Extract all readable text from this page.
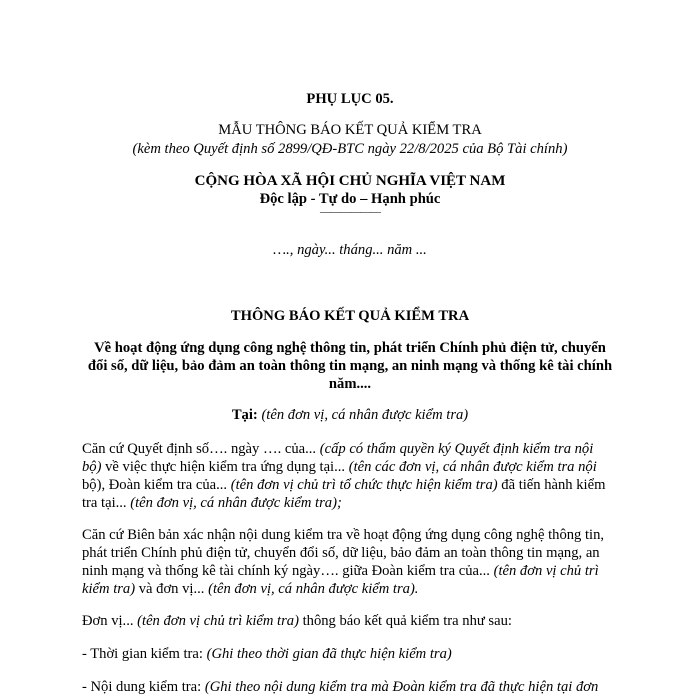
PHỤ LỤC 05.
MẪU THÔNG BÁO KẾT QUẢ KIỂM TRA
(kèm theo Quyết định số 2899/QĐ-BTC ngày 22/8/2025 của Bộ Tài chính)
CỘNG HÒA XÃ HỘI CHỦ NGHĨA VIỆT NAM
Độc lập - Tự do – Hạnh phúc
——————
…., ngày... tháng... năm ...
THÔNG BÁO KẾT QUẢ KIỂM TRA
Về hoạt động ứng dụng công nghệ thông tin, phát triển Chính phủ điện tử, chuyển
đổi số, dữ liệu, bảo đảm an toàn thông tin mạng, an ninh mạng và thống kê tài chính
năm....
Tại: (tên đơn vị, cá nhân được kiểm tra)
Căn cứ Quyết định số…. ngày …. của... (cấp có thẩm quyền ký Quyết định kiểm tra nội
bộ) về việc thực hiện kiểm tra ứng dụng tại... (tên các đơn vị, cá nhân được kiểm tra nội
bộ), Đoàn kiểm tra của... (tên đơn vị chủ trì tổ chức thực hiện kiểm tra) đã tiến hành kiểm
tra tại... (tên đơn vị, cá nhân được kiểm tra);
Căn cứ Biên bản xác nhận nội dung kiểm tra về hoạt động ứng dụng công nghệ thông tin,
phát triển Chính phủ điện tử, chuyển đổi số, dữ liệu, bảo đảm an toàn thông tin mạng, an
ninh mạng và thống kê tài chính ký ngày…. giữa Đoàn kiểm tra của... (tên đơn vị chủ trì
kiểm tra) và đơn vị... (tên đơn vị, cá nhân được kiểm tra).
Đơn vị... (tên đơn vị chủ trì kiểm tra) thông báo kết quả kiểm tra như sau:
- Thời gian kiểm tra: (Ghi theo thời gian đã thực hiện kiểm tra)
- Nội dung kiểm tra: (Ghi theo nội dung kiểm tra mà Đoàn kiểm tra đã thực hiện tại đơn
